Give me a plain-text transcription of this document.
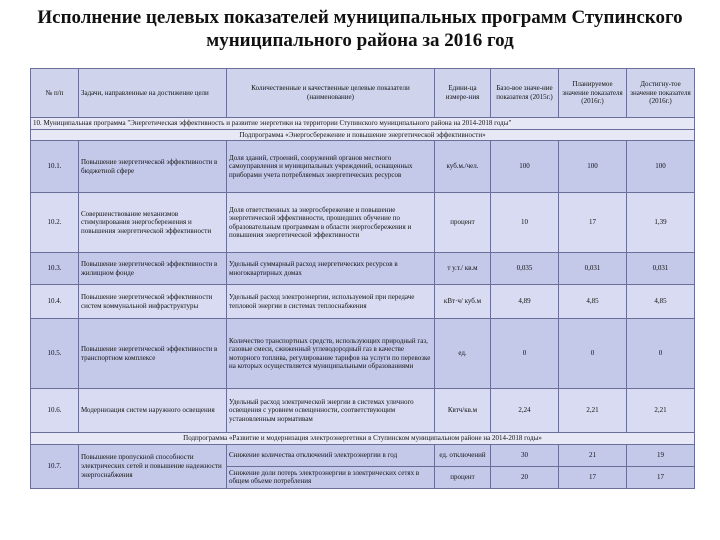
Исполнение целевых показателей муниципальных программ Ступинского муниципального района за 2016 год
№ п/п	Задачи, направленные на достижение цели	Количественные и качественные целевые показатели (наименование)	Едини-ца измере-ния	Базо-вое значе-ние показателя (2015г.)	Планируемое значение показателя (2016г.)	Достигну-тое значение показателя (2016г.)
10. Муниципальная программа "Энергетическая эффективность и развитие энергетики на территории Ступинского муниципального района на 2014-2018 годы"						
Подпрограмма «Энергосбережение и повышение энергетической эффективности»						
10.1.	Повышение энергетической эффективности в бюджетной сфере	Доля зданий, строений, сооружений органов местного самоуправления и муниципальных учреждений, оснащенных приборами учета потребляемых энергетических ресурсов	куб.м./чел.	100	100	100
10.2.	Совершенствование механизмов стимулирования энергосбережения и повышения энергетической эффективности	Доля ответственных за энергосбережение и повышение энергетической эффективности, прошедших обучение по образовательным программам в области энергосбережения и повышения энергетической эффективности	процент	10	17	1,39
10.3.	Повышение энергетической эффективности в жилищном фонде	Удельный суммарный расход энергетических ресурсов в многоквартирных домах	т у.т./ кв.м	0,035	0,031	0,031
10.4.	Повышение энергетической эффективности систем коммунальной инфраструктуры	Удельный расход электроэнергии, используемой при передаче тепловой энергии в системах теплоснабжения	кВт·ч/ куб.м	4,89	4,85	4,85
10.5.	Повышение энергетической эффективности в транспортном комплексе	Количество транспортных средств, использующих природный газ, газовые смеси, сжиженный углеводородный газ в качестве моторного топлива, регулирование тарифов на услуги по перевозке на которых осуществляется муниципальными образованиями	ед.	0	0	0
10.6.	Модернизация систем наружного освещения	Удельный расход электрической энергии в системах уличного освещения с уровнем освещенности, соответствующим установленным нормативам	Квтч/кв.м	2,24	2,21	2,21
Подпрограмма «Развитие и модернизация электроэнергетики в Ступинском муниципальном районе на 2014-2018 годы»						
10.7.	Повышение пропускной способности электрических сетей и повышение надежности энергоснабжения	Снижение количества отключений электроэнергии в год	ед. отключений	30	21	19
		Снижение доли потерь электроэнергии в электрических сетях в общем объеме потребления	процент	20	17	17
